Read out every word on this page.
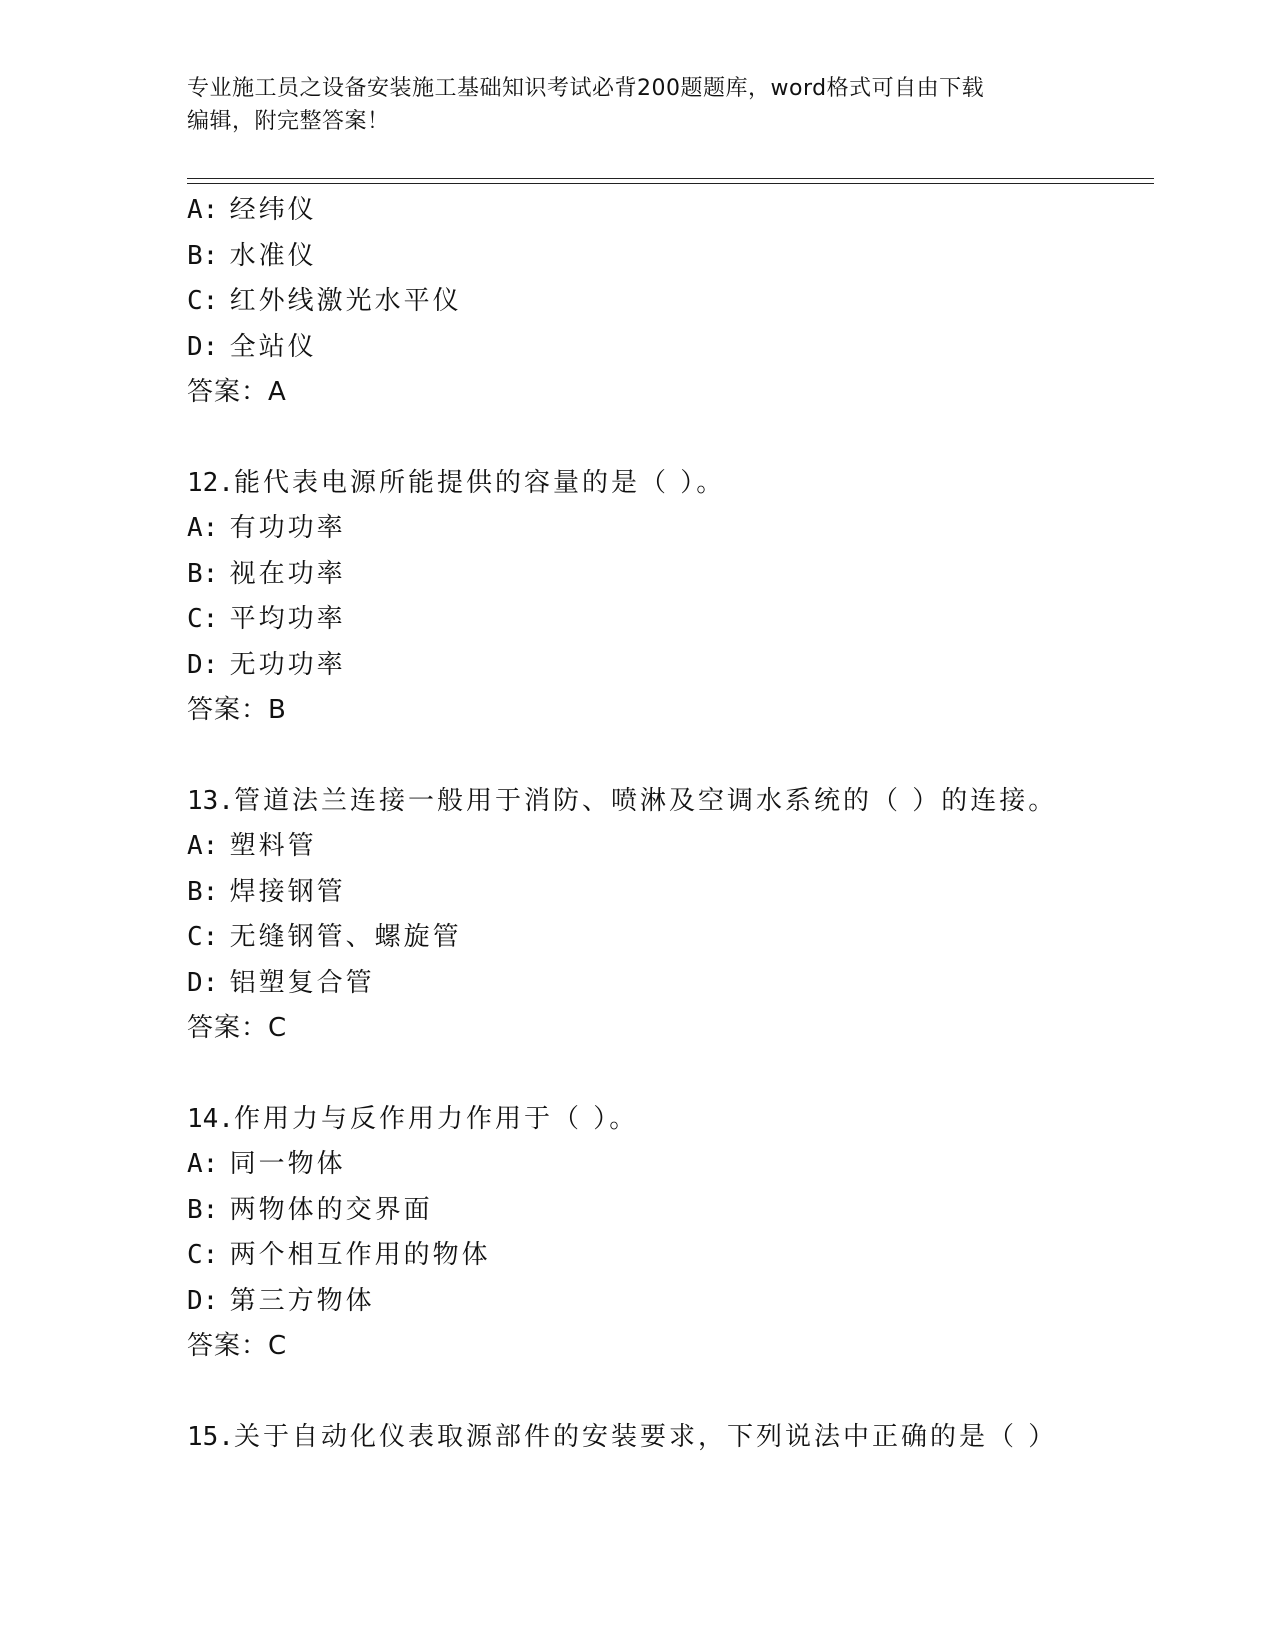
专业施工员之设备安装施工基础知识考试必背200题题库，word格式可自由下载
编辑，附完整答案！
A: 经纬仪
B: 水准仪
C: 红外线激光水平仪
D: 全站仪
答案：A
12.能代表电源所能提供的容量的是（ ）。
A: 有功功率
B: 视在功率
C: 平均功率
D: 无功功率
答案：B
13.管道法兰连接一般用于消防、喷淋及空调水系统的（ ）的连接。
A: 塑料管
B: 焊接钢管
C: 无缝钢管、螺旋管
D: 铝塑复合管
答案：C
14.作用力与反作用力作用于（ ）。
A: 同一物体
B: 两物体的交界面
C: 两个相互作用的物体
D: 第三方物体
答案：C
15.关于自动化仪表取源部件的安装要求，下列说法中正确的是（ ）
